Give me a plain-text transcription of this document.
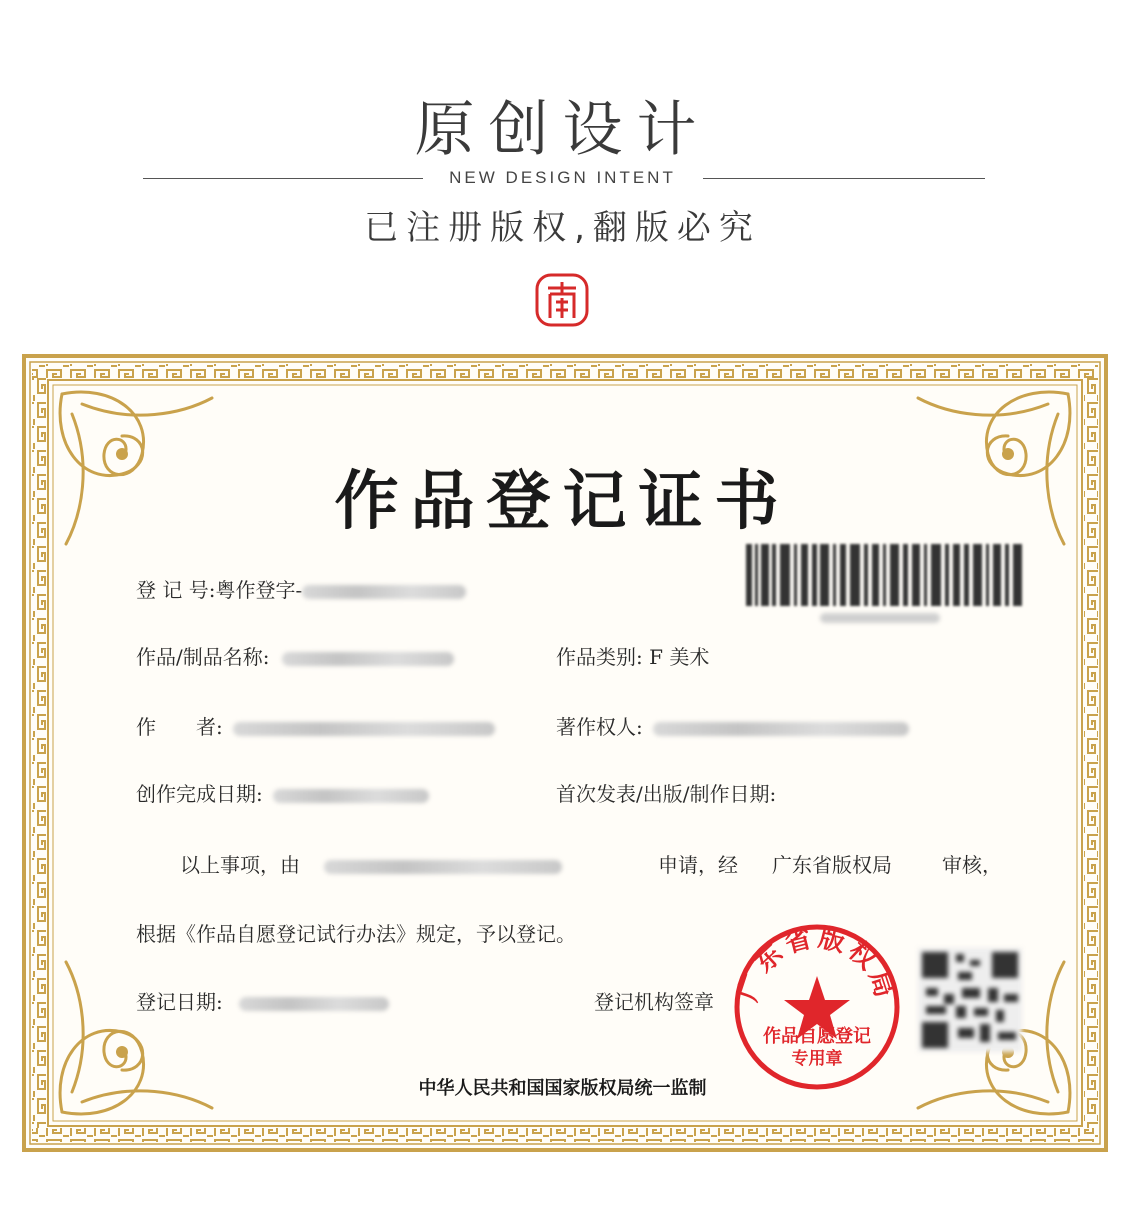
原创设计
NEW DESIGN INTENT
已注册版权,翻版必究
作品登记证书
登 记 号:粤作登字-
作品/制品名称:	作品类别: F 美术
作　　者:	著作权人:
创作完成日期:	首次发表/出版/制作日期:
以上事项，由	申请，经 广东省版权局	审核，
根据《作品自愿登记试行办法》规定，予以登记。
登记日期:	登记机构签章 广东省版权局
作品自愿登记
专用章
中华人民共和国国家版权局统一监制
